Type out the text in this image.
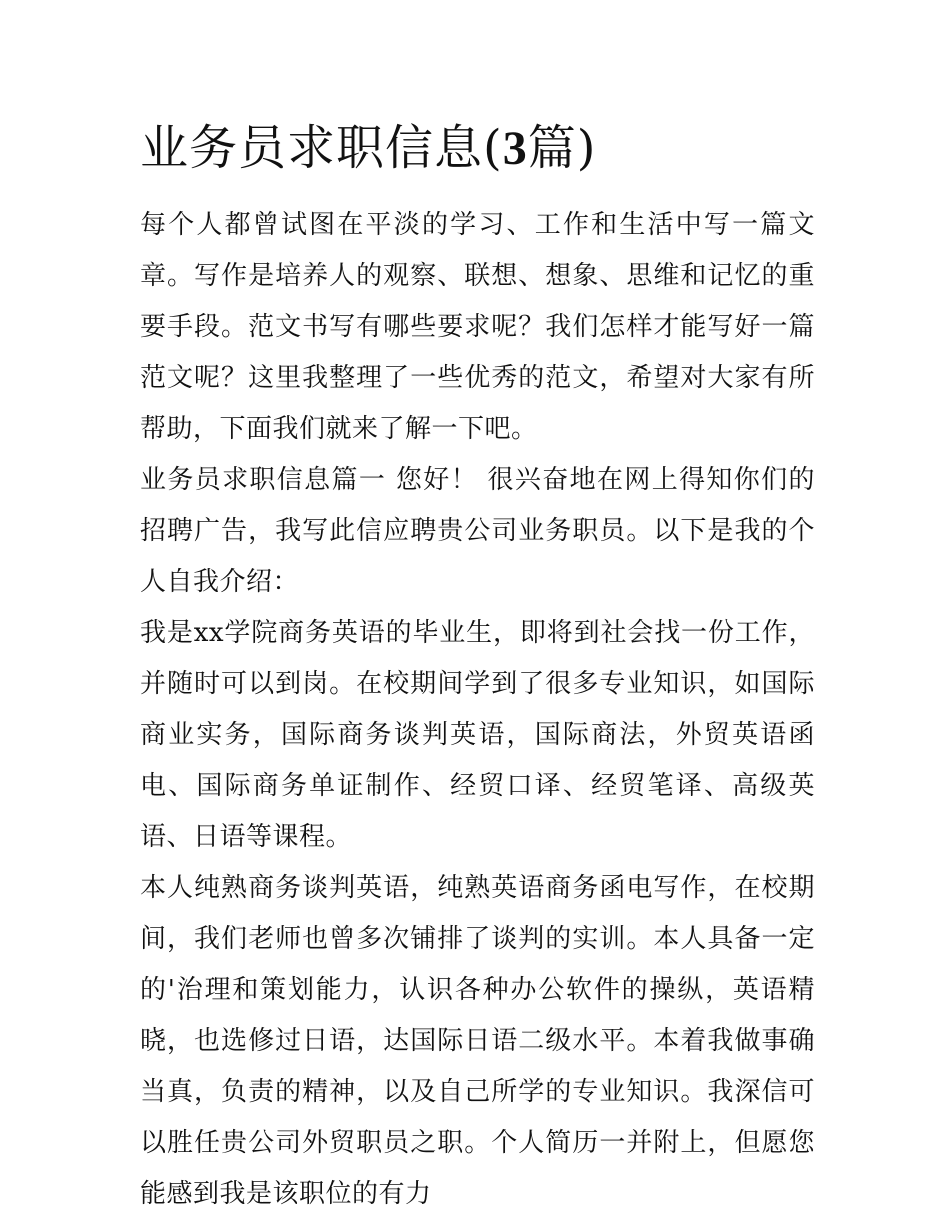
业务员求职信息(3篇)

每个人都曾试图在平淡的学习、工作和生活中写一篇文章。写作是培养人的观察、联想、想象、思维和记忆的重要手段。范文书写有哪些要求呢？我们怎样才能写好一篇范文呢？这里我整理了一些优秀的范文，希望对大家有所帮助，下面我们就来了解一下吧。

业务员求职信息篇一 您好！ 很兴奋地在网上得知你们的招聘广告，我写此信应聘贵公司业务职员。以下是我的个人自我介绍：

我是xx学院商务英语的毕业生，即将到社会找一份工作，并随时可以到岗。在校期间学到了很多专业知识，如国际商业实务，国际商务谈判英语，国际商法，外贸英语函电、国际商务单证制作、经贸口译、经贸笔译、高级英语、日语等课程。

本人纯熟商务谈判英语，纯熟英语商务函电写作，在校期间，我们老师也曾多次铺排了谈判的实训。本人具备一定的'治理和策划能力，认识各种办公软件的操纵，英语精晓，也选修过日语，达国际日语二级水平。本着我做事确当真，负责的精神，以及自己所学的专业知识。我深信可以胜任贵公司外贸职员之职。个人简历一并附上，但愿您能感到我是该职位的有力
